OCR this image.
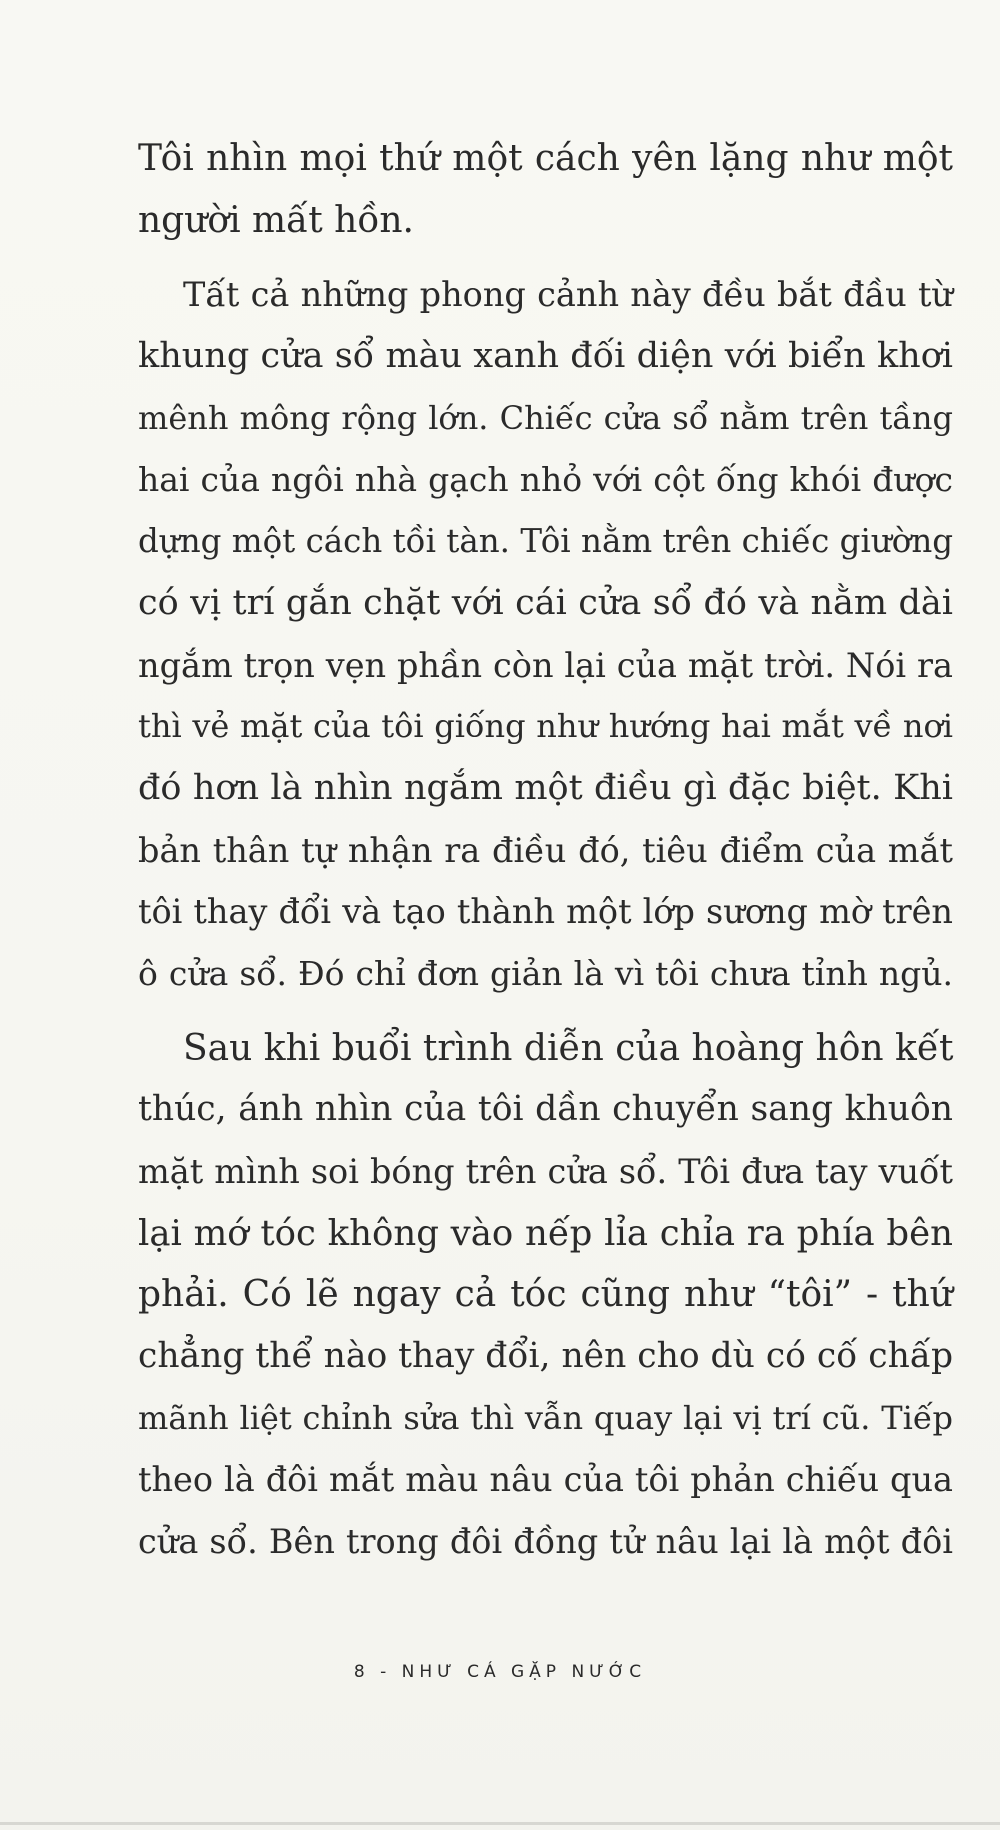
Tôi nhìn mọi thứ một cách yên lặng như một
người mất hồn.
Tất cả những phong cảnh này đều bắt đầu từ
khung cửa sổ màu xanh đối diện với biển khơi
mênh mông rộng lớn. Chiếc cửa sổ nằm trên tầng
hai của ngôi nhà gạch nhỏ với cột ống khói được
dựng một cách tồi tàn. Tôi nằm trên chiếc giường
có vị trí gắn chặt với cái cửa sổ đó và nằm dài
ngắm trọn vẹn phần còn lại của mặt trời. Nói ra
thì vẻ mặt của tôi giống như hướng hai mắt về nơi
đó hơn là nhìn ngắm một điều gì đặc biệt. Khi
bản thân tự nhận ra điều đó, tiêu điểm của mắt
tôi thay đổi và tạo thành một lớp sương mờ trên
ô cửa sổ. Đó chỉ đơn giản là vì tôi chưa tỉnh ngủ.
Sau khi buổi trình diễn của hoàng hôn kết
thúc, ánh nhìn của tôi dần chuyển sang khuôn
mặt mình soi bóng trên cửa sổ. Tôi đưa tay vuốt
lại mớ tóc không vào nếp lỉa chỉa ra phía bên
phải. Có lẽ ngay cả tóc cũng như “tôi” - thứ
chẳng thể nào thay đổi, nên cho dù có cố chấp
mãnh liệt chỉnh sửa thì vẫn quay lại vị trí cũ. Tiếp
theo là đôi mắt màu nâu của tôi phản chiếu qua
cửa sổ. Bên trong đôi đồng tử nâu lại là một đôi
8 - NHƯ CÁ GẶP NƯỚC
